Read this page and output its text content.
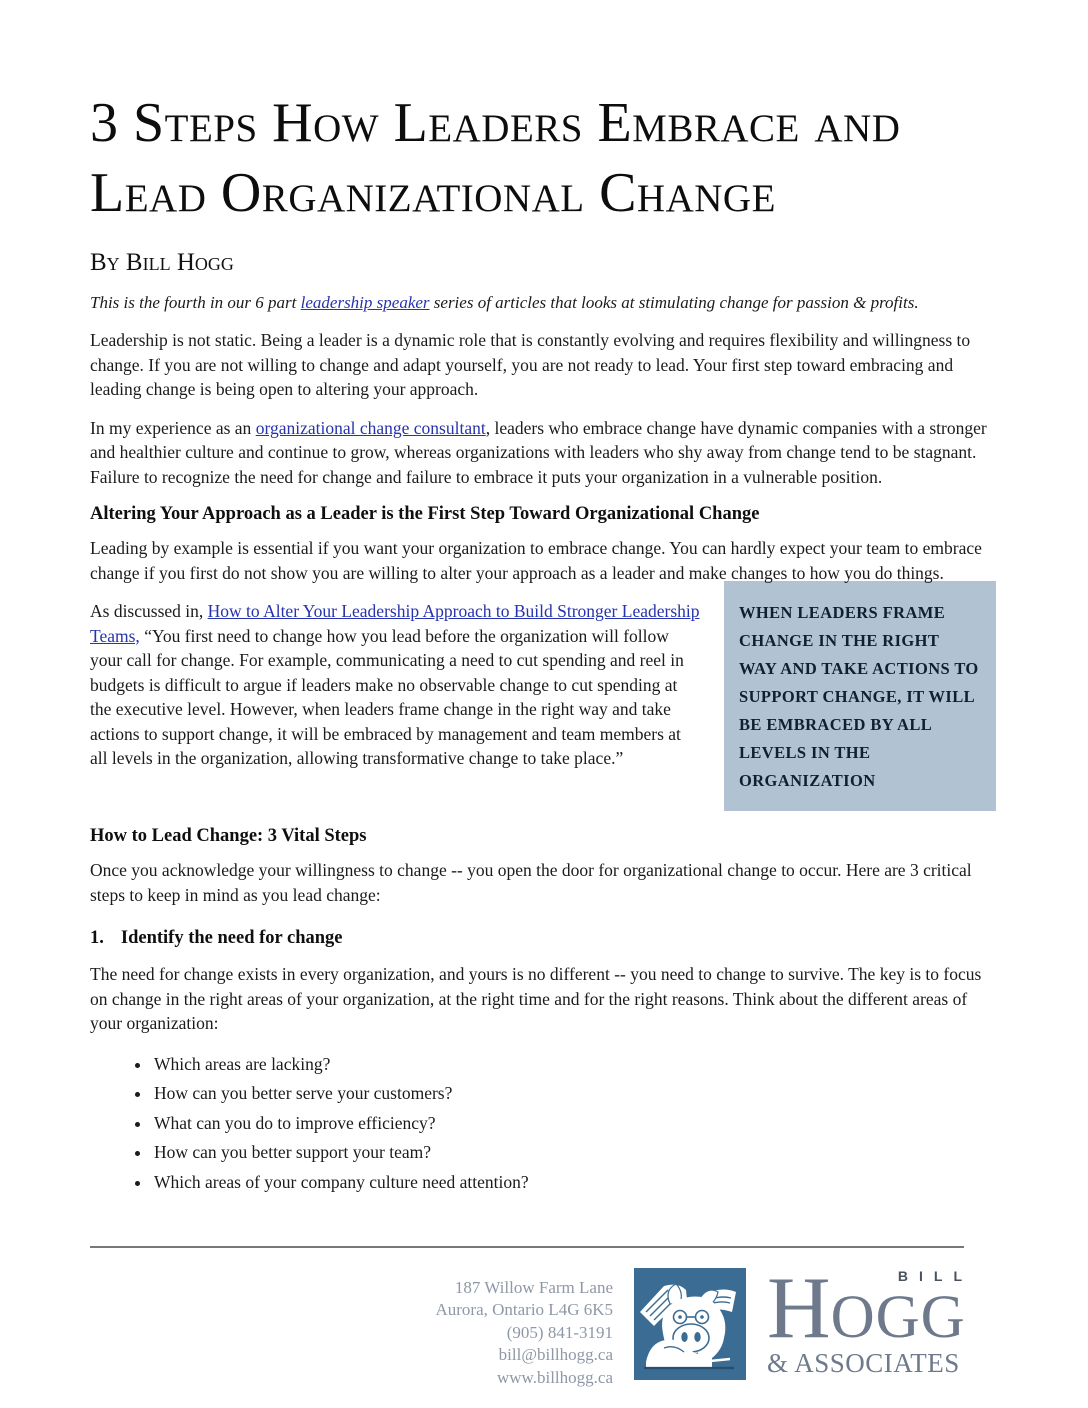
3 Steps How Leaders Embrace and
Lead Organizational Change
By Bill Hogg

This is the fourth in our 6 part leadership speaker series of articles that looks at stimulating change for passion & profits.

Leadership is not static. Being a leader is a dynamic role that is constantly evolving and requires flexibility and willingness to change. If you are not willing to change and adapt yourself, you are not ready to lead. Your first step toward embracing and leading change is being open to altering your approach.

In my experience as an organizational change consultant, leaders who embrace change have dynamic companies with a stronger and healthier culture and continue to grow, whereas organizations with leaders who shy away from change tend to be stagnant. Failure to recognize the need for change and failure to embrace it puts your organization in a vulnerable position.

Altering Your Approach as a Leader is the First Step Toward Organizational Change

Leading by example is essential if you want your organization to embrace change. You can hardly expect your team to embrace change if you first do not show you are willing to alter your approach as a leader and make changes to how you do things.

WHEN LEADERS FRAME CHANGE IN THE RIGHT WAY AND TAKE ACTIONS TO SUPPORT CHANGE, IT WILL BE EMBRACED BY ALL LEVELS IN THE ORGANIZATION

As discussed in, How to Alter Your Leadership Approach to Build Stronger Leadership Teams, “You first need to change how you lead before the organization will follow your call for change. For example, communicating a need to cut spending and reel in budgets is difficult to argue if leaders make no observable change to cut spending at the executive level. However, when leaders frame change in the right way and take actions to support change, it will be embraced by management and team members at all levels in the organization, allowing transformative change to take place.”

How to Lead Change: 3 Vital Steps

Once you acknowledge your willingness to change -- you open the door for organizational change to occur. Here are 3 critical steps to keep in mind as you lead change:

1. Identify the need for change

The need for change exists in every organization, and yours is no different -- you need to change to survive. The key is to focus on change in the right areas of your organization, at the right time and for the right reasons. Think about the different areas of your organization:

• Which areas are lacking?
• How can you better serve your customers?
• What can you do to improve efficiency?
• How can you better support your team?
• Which areas of your company culture need attention?
187 Willow Farm Lane
Aurora, Ontario L4G 6K5
(905) 841-3191
bill@billhogg.ca
www.billhogg.ca
BILL
H OGG
& ASSOCIATES
